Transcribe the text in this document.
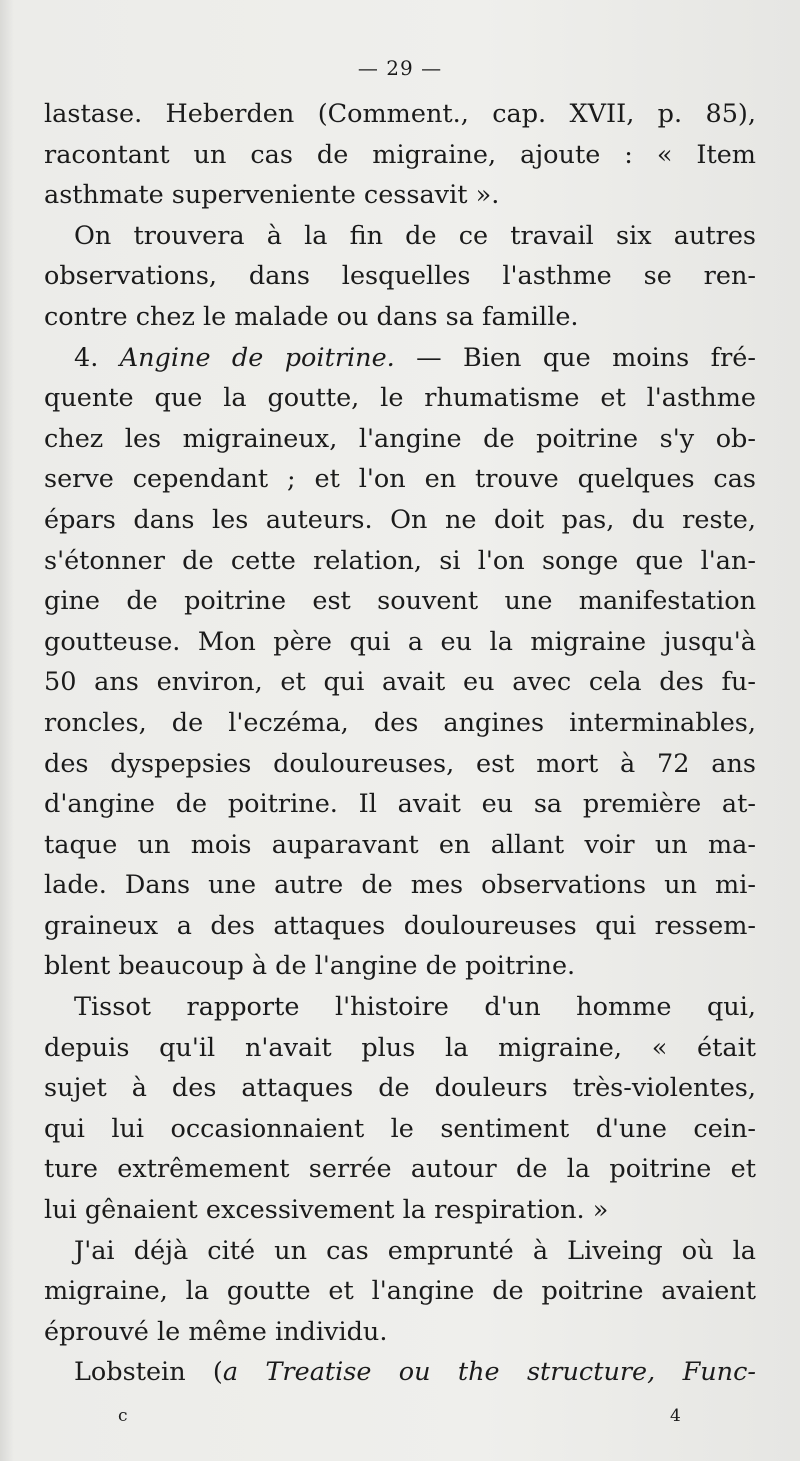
— 29 —
lastase. Heberden (Comment., cap. XVII, p. 85),
racontant un cas de migraine, ajoute : « Item
asthmate superveniente cessavit ».
On trouvera à la fin de ce travail six autres
observations, dans lesquelles l'asthme se ren-
contre chez le malade ou dans sa famille.
4. Angine de poitrine. — Bien que moins fré-
quente que la goutte, le rhumatisme et l'asthme
chez les migraineux, l'angine de poitrine s'y ob-
serve cependant ; et l'on en trouve quelques cas
épars dans les auteurs. On ne doit pas, du reste,
s'étonner de cette relation, si l'on songe que l'an-
gine de poitrine est souvent une manifestation
goutteuse. Mon père qui a eu la migraine jusqu'à
50 ans environ, et qui avait eu avec cela des fu-
roncles, de l'eczéma, des angines interminables,
des dyspepsies douloureuses, est mort à 72 ans
d'angine de poitrine. Il avait eu sa première at-
taque un mois auparavant en allant voir un ma-
lade. Dans une autre de mes observations un mi-
graineux a des attaques douloureuses qui ressem-
blent beaucoup à de l'angine de poitrine.
Tissot rapporte l'histoire d'un homme qui,
depuis qu'il n'avait plus la migraine, « était
sujet à des attaques de douleurs très-violentes,
qui lui occasionnaient le sentiment d'une cein-
ture extrêmement serrée autour de la poitrine et
lui gênaient excessivement la respiration. »
J'ai déjà cité un cas emprunté à Liveing où la
migraine, la goutte et l'angine de poitrine avaient
éprouvé le même individu.
Lobstein (a Treatise ou the structure, Func-
c	4
